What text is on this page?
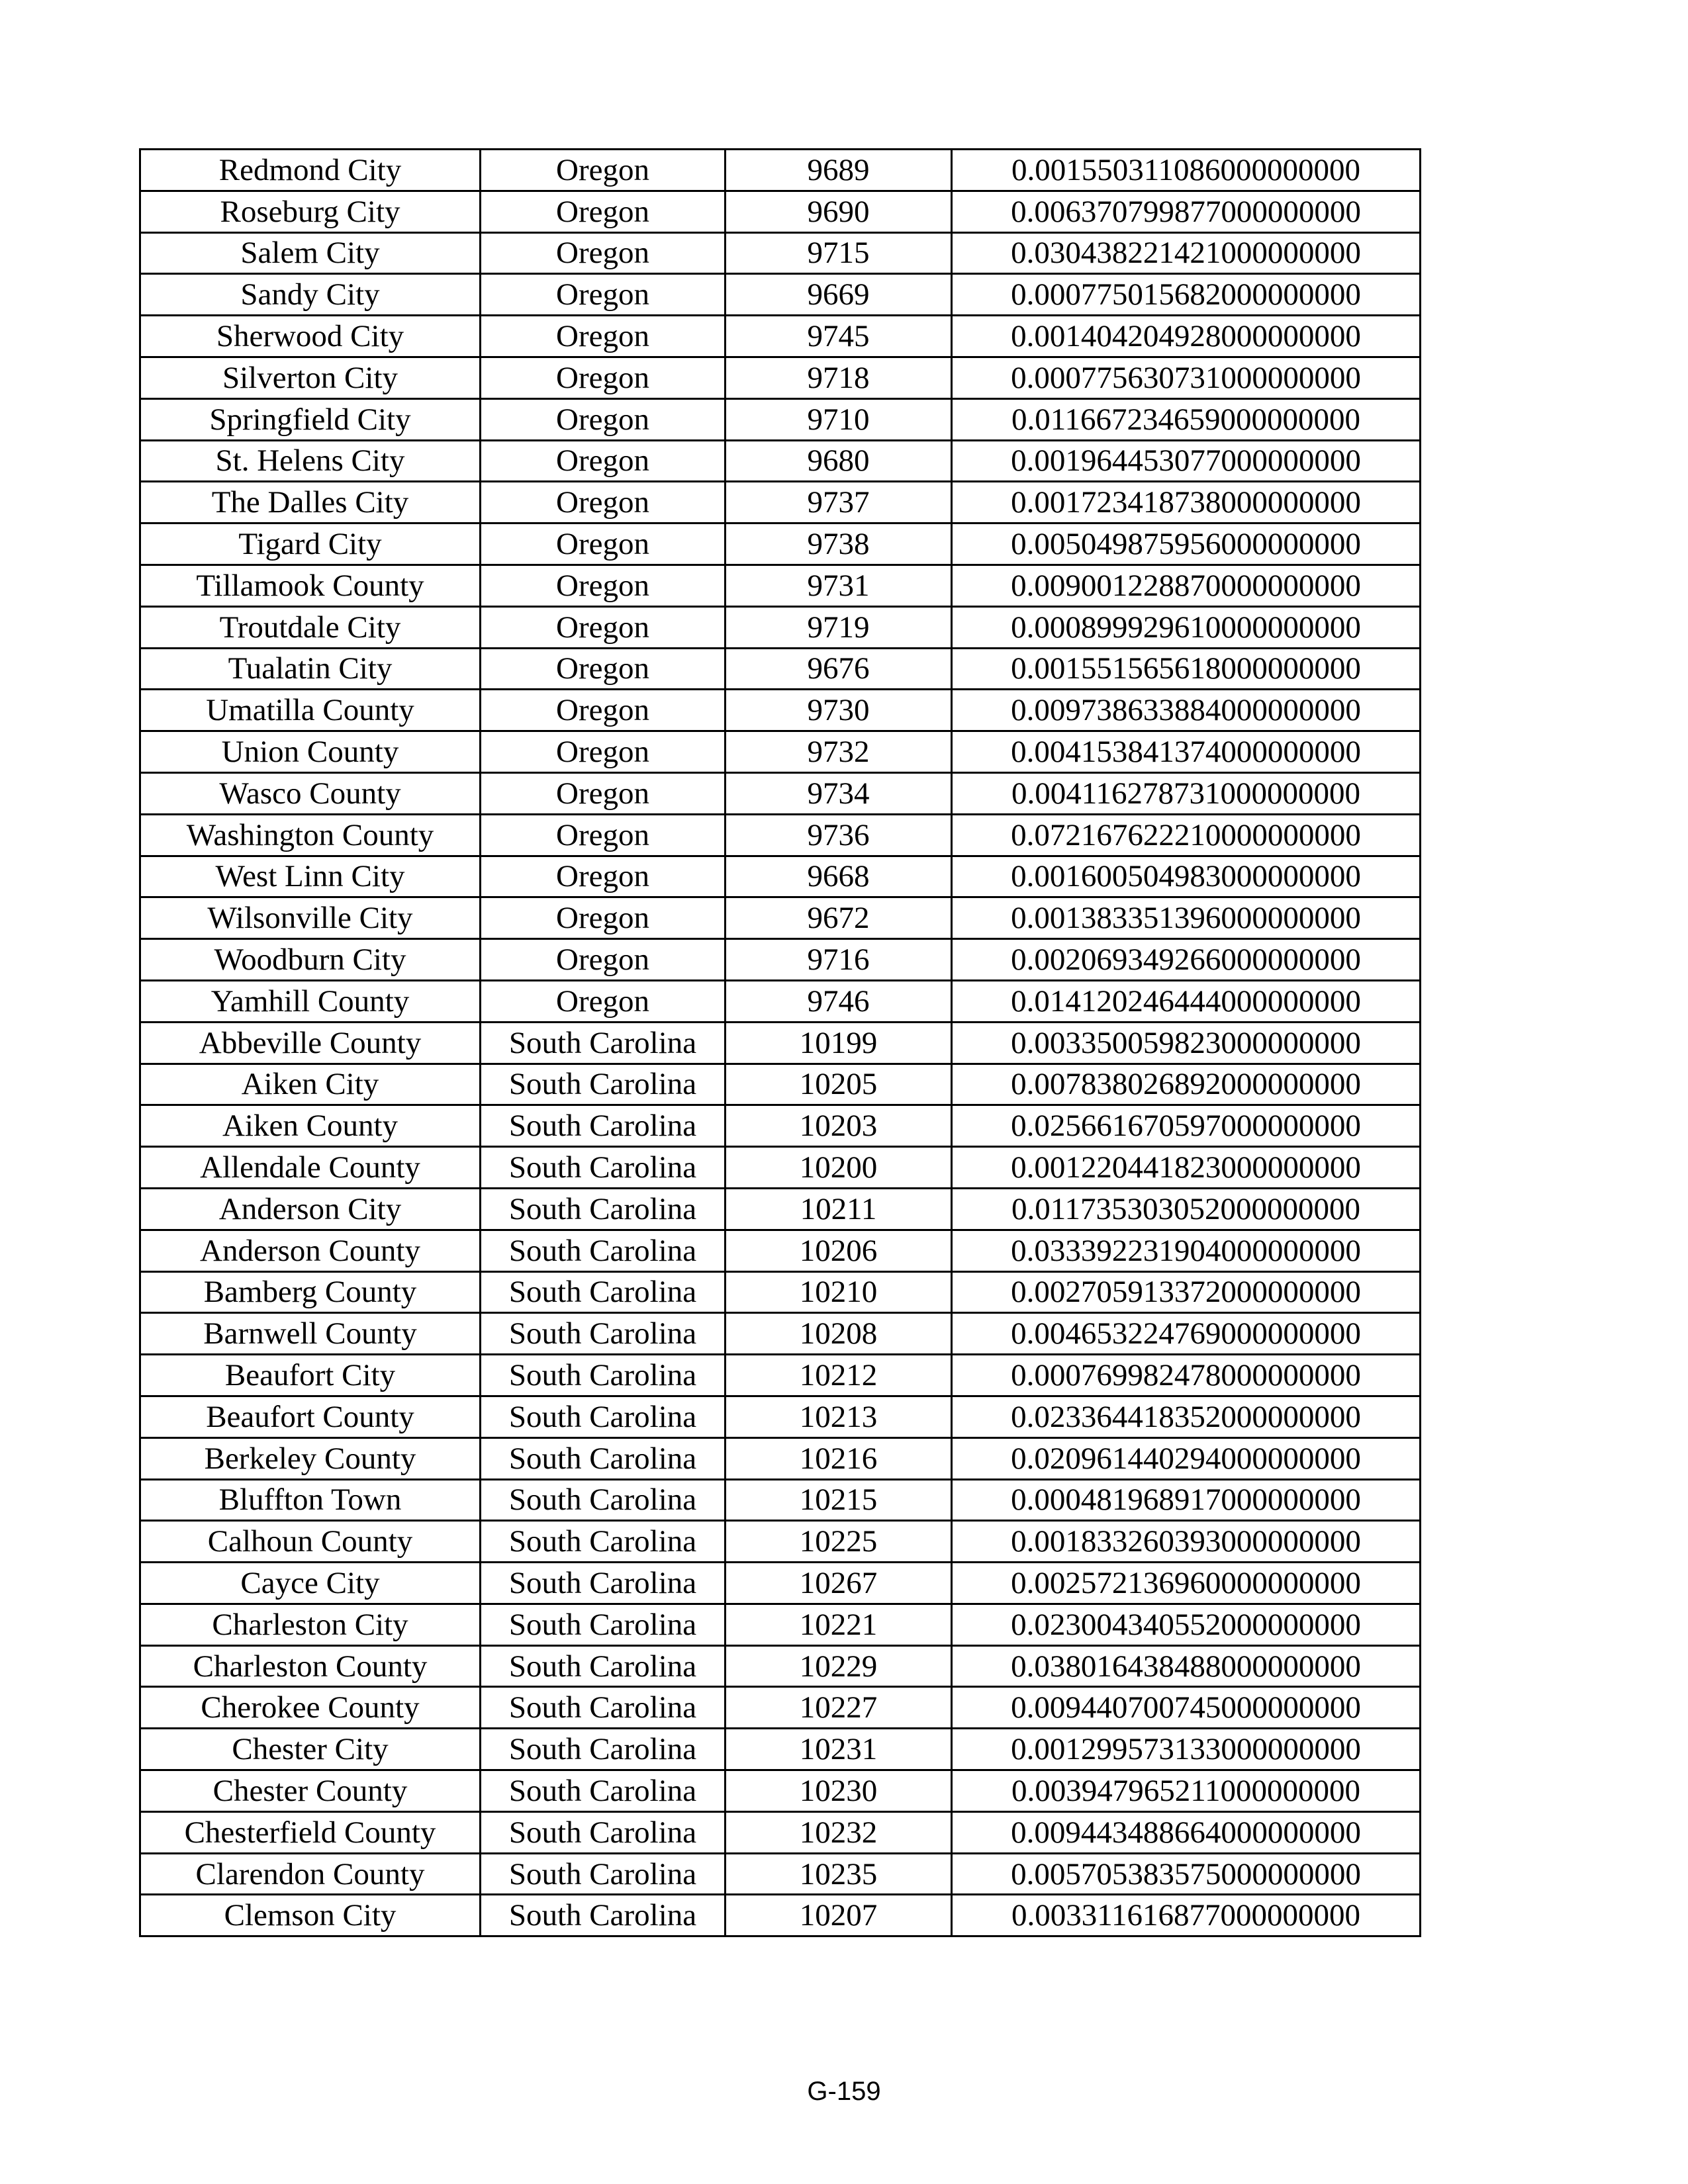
Redmond City	Oregon	9689	0.001550311086000000000
Roseburg City	Oregon	9690	0.006370799877000000000
Salem City	Oregon	9715	0.030438221421000000000
Sandy City	Oregon	9669	0.000775015682000000000
Sherwood City	Oregon	9745	0.001404204928000000000
Silverton City	Oregon	9718	0.000775630731000000000
Springfield City	Oregon	9710	0.011667234659000000000
St. Helens City	Oregon	9680	0.001964453077000000000
The Dalles City	Oregon	9737	0.001723418738000000000
Tigard City	Oregon	9738	0.005049875956000000000
Tillamook County	Oregon	9731	0.009001228870000000000
Troutdale City	Oregon	9719	0.000899929610000000000
Tualatin City	Oregon	9676	0.001551565618000000000
Umatilla County	Oregon	9730	0.009738633884000000000
Union County	Oregon	9732	0.004153841374000000000
Wasco County	Oregon	9734	0.004116278731000000000
Washington County	Oregon	9736	0.072167622210000000000
West Linn City	Oregon	9668	0.001600504983000000000
Wilsonville City	Oregon	9672	0.001383351396000000000
Woodburn City	Oregon	9716	0.002069349266000000000
Yamhill County	Oregon	9746	0.014120246444000000000
Abbeville County	South Carolina	10199	0.003350059823000000000
Aiken City	South Carolina	10205	0.007838026892000000000
Aiken County	South Carolina	10203	0.025661670597000000000
Allendale County	South Carolina	10200	0.001220441823000000000
Anderson City	South Carolina	10211	0.011735303052000000000
Anderson County	South Carolina	10206	0.033392231904000000000
Bamberg County	South Carolina	10210	0.002705913372000000000
Barnwell County	South Carolina	10208	0.004653224769000000000
Beaufort City	South Carolina	10212	0.000769982478000000000
Beaufort County	South Carolina	10213	0.023364418352000000000
Berkeley County	South Carolina	10216	0.020961440294000000000
Bluffton Town	South Carolina	10215	0.000481968917000000000
Calhoun County	South Carolina	10225	0.001833260393000000000
Cayce City	South Carolina	10267	0.002572136960000000000
Charleston City	South Carolina	10221	0.023004340552000000000
Charleston County	South Carolina	10229	0.038016438488000000000
Cherokee County	South Carolina	10227	0.009440700745000000000
Chester City	South Carolina	10231	0.001299573133000000000
Chester County	South Carolina	10230	0.003947965211000000000
Chesterfield County	South Carolina	10232	0.009443488664000000000
Clarendon County	South Carolina	10235	0.005705383575000000000
Clemson City	South Carolina	10207	0.003311616877000000000
G-159
